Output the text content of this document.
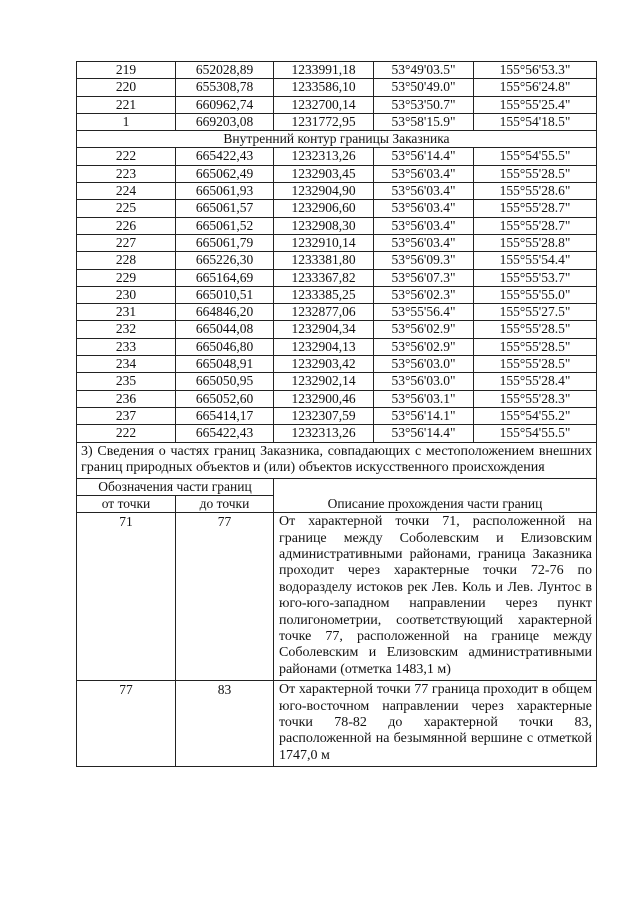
219	652028,89	1233991,18	53°49'03.5"	155°56'53.3"
220	655308,78	1233586,10	53°50'49.0"	155°56'24.8"
221	660962,74	1232700,14	53°53'50.7"	155°55'25.4"
1	669203,08	1231772,95	53°58'15.9"	155°54'18.5"
Внутренний контур границы Заказника				
222	665422,43	1232313,26	53°56'14.4"	155°54'55.5"
223	665062,49	1232903,45	53°56'03.4"	155°55'28.5"
224	665061,93	1232904,90	53°56'03.4"	155°55'28.6"
225	665061,57	1232906,60	53°56'03.4"	155°55'28.7"
226	665061,52	1232908,30	53°56'03.4"	155°55'28.7"
227	665061,79	1232910,14	53°56'03.4"	155°55'28.8"
228	665226,30	1233381,80	53°56'09.3"	155°55'54.4"
229	665164,69	1233367,82	53°56'07.3"	155°55'53.7"
230	665010,51	1233385,25	53°56'02.3"	155°55'55.0"
231	664846,20	1232877,06	53°55'56.4"	155°55'27.5"
232	665044,08	1232904,34	53°56'02.9"	155°55'28.5"
233	665046,80	1232904,13	53°56'02.9"	155°55'28.5"
234	665048,91	1232903,42	53°56'03.0"	155°55'28.5"
235	665050,95	1232902,14	53°56'03.0"	155°55'28.4"
236	665052,60	1232900,46	53°56'03.1"	155°55'28.3"
237	665414,17	1232307,59	53°56'14.1"	155°54'55.2"
222	665422,43	1232313,26	53°56'14.4"	155°54'55.5"
3) Сведения о частях границ Заказника, совпадающих с местоположением внешних границ природных объектов и (или) объектов искусственного происхождения		
Обозначения части границ		Описание прохождения части границ
от точки	до точки	
71	77	От характерной точки 71, расположенной на границе между Соболевским и Елизовским административными районами, граница Заказника проходит через характерные точки 72-76 по водоразделу истоков рек Лев. Коль и Лев. Лунтос в юго-юго-западном направлении через пункт полигонометрии, соответствующий характерной точке 77, расположенной на границе между Соболевским и Елизовским административными районами (отметка 1483,1 м)
77	83	От характерной точки 77 граница проходит в общем юго-восточном направлении через характерные точки 78-82 до характерной точки 83, расположенной на безымянной вершине с отметкой 1747,0 м
